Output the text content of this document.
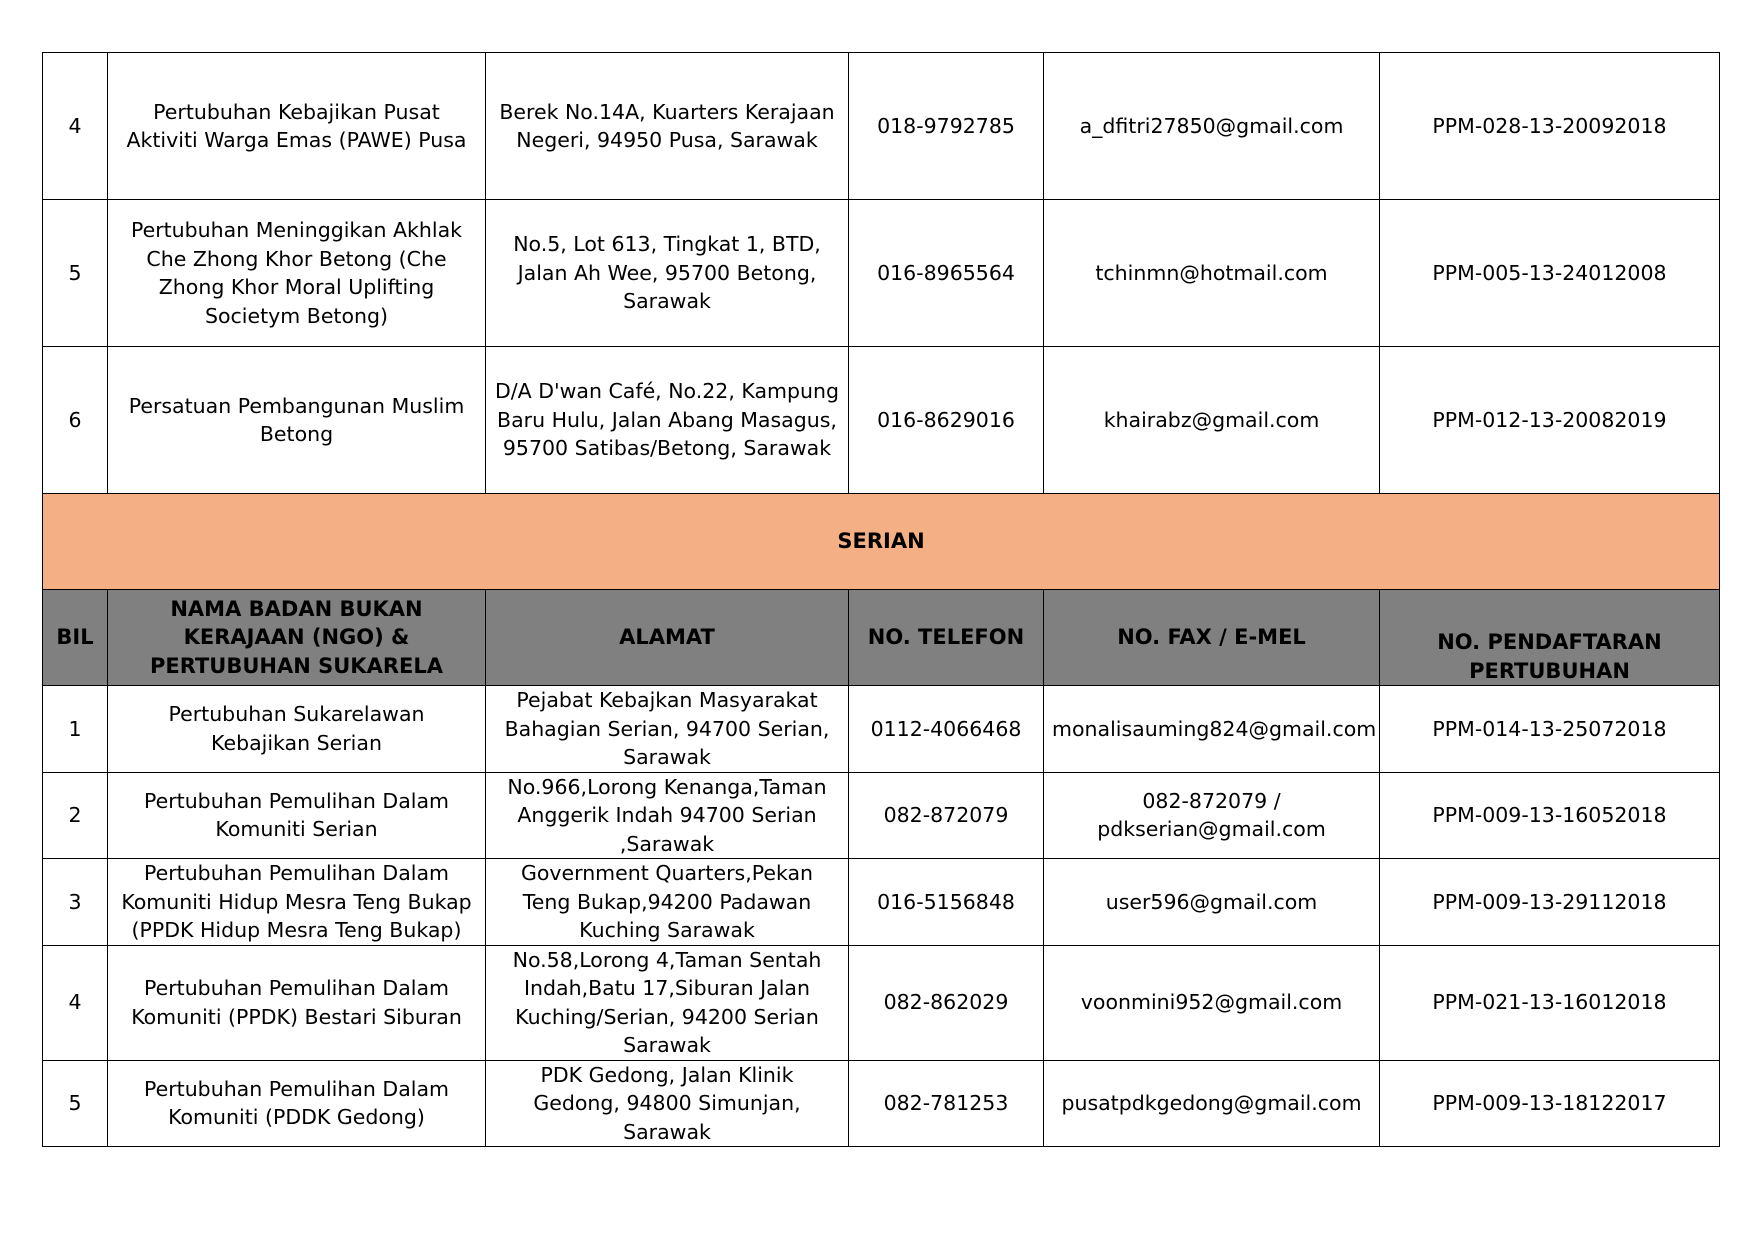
4	Pertubuhan Kebajikan Pusat Aktiviti Warga Emas (PAWE) Pusa	Berek No.14A, Kuarters Kerajaan Negeri, 94950 Pusa, Sarawak	018-9792785	a_dfitri27850@gmail.com	PPM-028-13-20092018
5	Pertubuhan Meninggikan Akhlak Che Zhong Khor Betong (Che Zhong Khor Moral Uplifting Societym Betong)	No.5, Lot 613, Tingkat 1, BTD, Jalan Ah Wee, 95700 Betong, Sarawak	016-8965564	tchinmn@hotmail.com	PPM-005-13-24012008
6	Persatuan Pembangunan Muslim Betong	D/A D'wan Café, No.22, Kampung Baru Hulu, Jalan Abang Masagus, 95700 Satibas/Betong, Sarawak	016-8629016	khairabz@gmail.com	PPM-012-13-20082019
SERIAN					
BIL	NAMA BADAN BUKAN KERAJAAN (NGO) & PERTUBUHAN SUKARELA	ALAMAT	NO. TELEFON	NO. FAX / E-MEL	NO. PENDAFTARAN PERTUBUHAN
1	Pertubuhan Sukarelawan Kebajikan Serian	Pejabat Kebajkan Masyarakat Bahagian Serian, 94700 Serian, Sarawak	0112-4066468	monalisauming824@gmail.com	PPM-014-13-25072018
2	Pertubuhan Pemulihan Dalam Komuniti Serian	No.966,Lorong Kenanga,Taman Anggerik Indah 94700 Serian ,Sarawak	082-872079	082-872079 / pdkserian@gmail.com	PPM-009-13-16052018
3	Pertubuhan Pemulihan Dalam Komuniti Hidup Mesra Teng Bukap (PPDK Hidup Mesra Teng Bukap)	Government Quarters,Pekan Teng Bukap,94200 Padawan Kuching Sarawak	016-5156848	user596@gmail.com	PPM-009-13-29112018
4	Pertubuhan Pemulihan Dalam Komuniti (PPDK) Bestari Siburan	No.58,Lorong 4,Taman Sentah Indah,Batu 17,Siburan Jalan Kuching/Serian, 94200 Serian Sarawak	082-862029	voonmini952@gmail.com	PPM-021-13-16012018
5	Pertubuhan Pemulihan Dalam Komuniti (PDDK Gedong)	PDK Gedong, Jalan Klinik Gedong, 94800 Simunjan, Sarawak	082-781253	pusatpdkgedong@gmail.com	PPM-009-13-18122017
